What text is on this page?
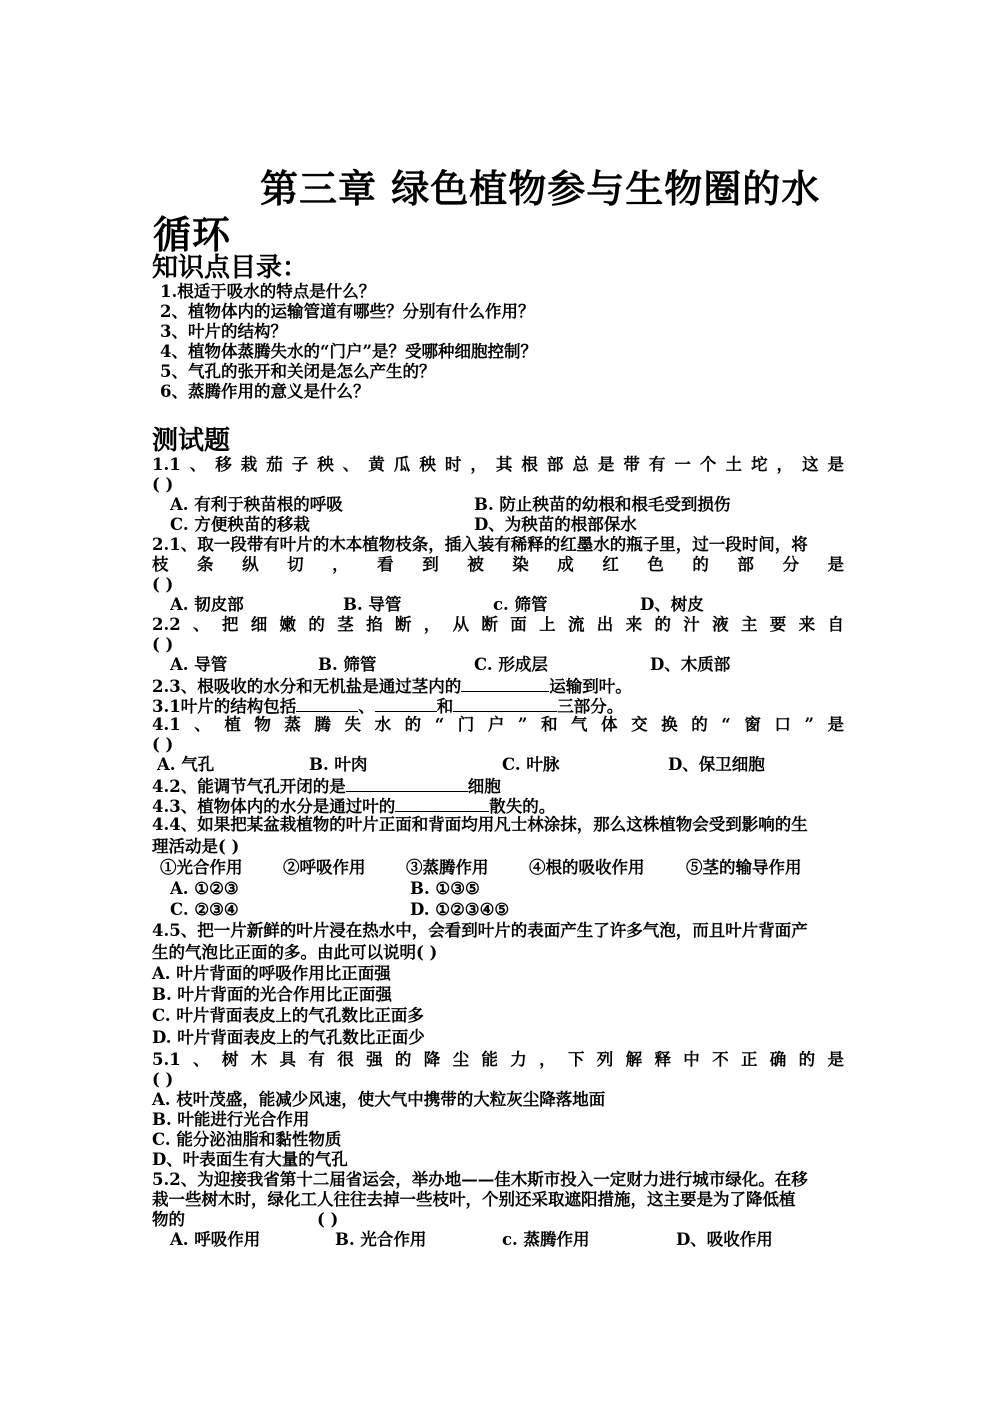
第三章 绿色植物参与生物圈的水循环
知识点目录：
1.根适于吸水的特点是什么？
2、植物体内的运输管道有哪些？分别有什么作用？
3、叶片的结构？
4、植物体蒸腾失水的“门户”是？受哪种细胞控制？
5、气孔的张开和关闭是怎么产生的？
6、蒸腾作用的意义是什么？
测试题
1.1、移栽茄子秧、黄瓜秧时，其根部总是带有一个土坨，这是
( )
A. 有利于秧苗根的呼吸	B. 防止秧苗的幼根和根毛受到损伤
C. 方便秧苗的移栽	D、为秧苗的根部保水
2.1、取一段带有叶片的木本植物枝条，插入装有稀释的红墨水的瓶子里，过一段时间，将
枝条纵切，看到被染成红色的部分是
( )
A. 韧皮部	B. 导管	c. 筛管	D、树皮
2.2、把细嫩的茎掐断，从断面上流出来的汁液主要来自
( )
A. 导管	B. 筛管	C. 形成层	D、木质部
2.3、根吸收的水分和无机盐是通过茎内的	运输到叶。
3.1叶片的结构包括	、	和	三部分。
4.1、植物蒸腾失水的“门户”和气体交换的“窗口”是
( )
A. 气孔	B. 叶肉	C. 叶脉	D、保卫细胞
4.2、能调节气孔开闭的是	细胞
4.3、植物体内的水分是通过叶的	散失的。
4.4、如果把某盆栽植物的叶片正面和背面均用凡士林涂抹，那么这株植物会受到影响的生
理活动是( )
①光合作用 ②呼吸作用 ③蒸腾作用 ④根的吸收作用	⑤茎的输导作用
A. ①②③	B. ①③⑤
C. ②③④	D. ①②③④⑤
4.5、把一片新鲜的叶片浸在热水中，会看到叶片的表面产生了许多气泡，而且叶片背面产
生的气泡比正面的多。由此可以说明( )
A. 叶片背面的呼吸作用比正面强
B. 叶片背面的光合作用比正面强
C. 叶片背面表皮上的气孔数比正面多
D. 叶片背面表皮上的气孔数比正面少
5.1、树木具有很强的降尘能力，下列解释中不正确的是
( )
A. 枝叶茂盛，能减少风速，使大气中携带的大粒灰尘降落地面
B. 叶能进行光合作用
C. 能分泌油脂和黏性物质
D、叶表面生有大量的气孔
5.2、为迎接我省第十二届省运会，举办地——佳木斯市投入一定财力进行城市绿化。在移
栽一些树木时，绿化工人往往去掉一些枝叶，个别还采取遮阳措施，这主要是为了降低植
物的	( )
A. 呼吸作用	B. 光合作用	c. 蒸腾作用	D、吸收作用
